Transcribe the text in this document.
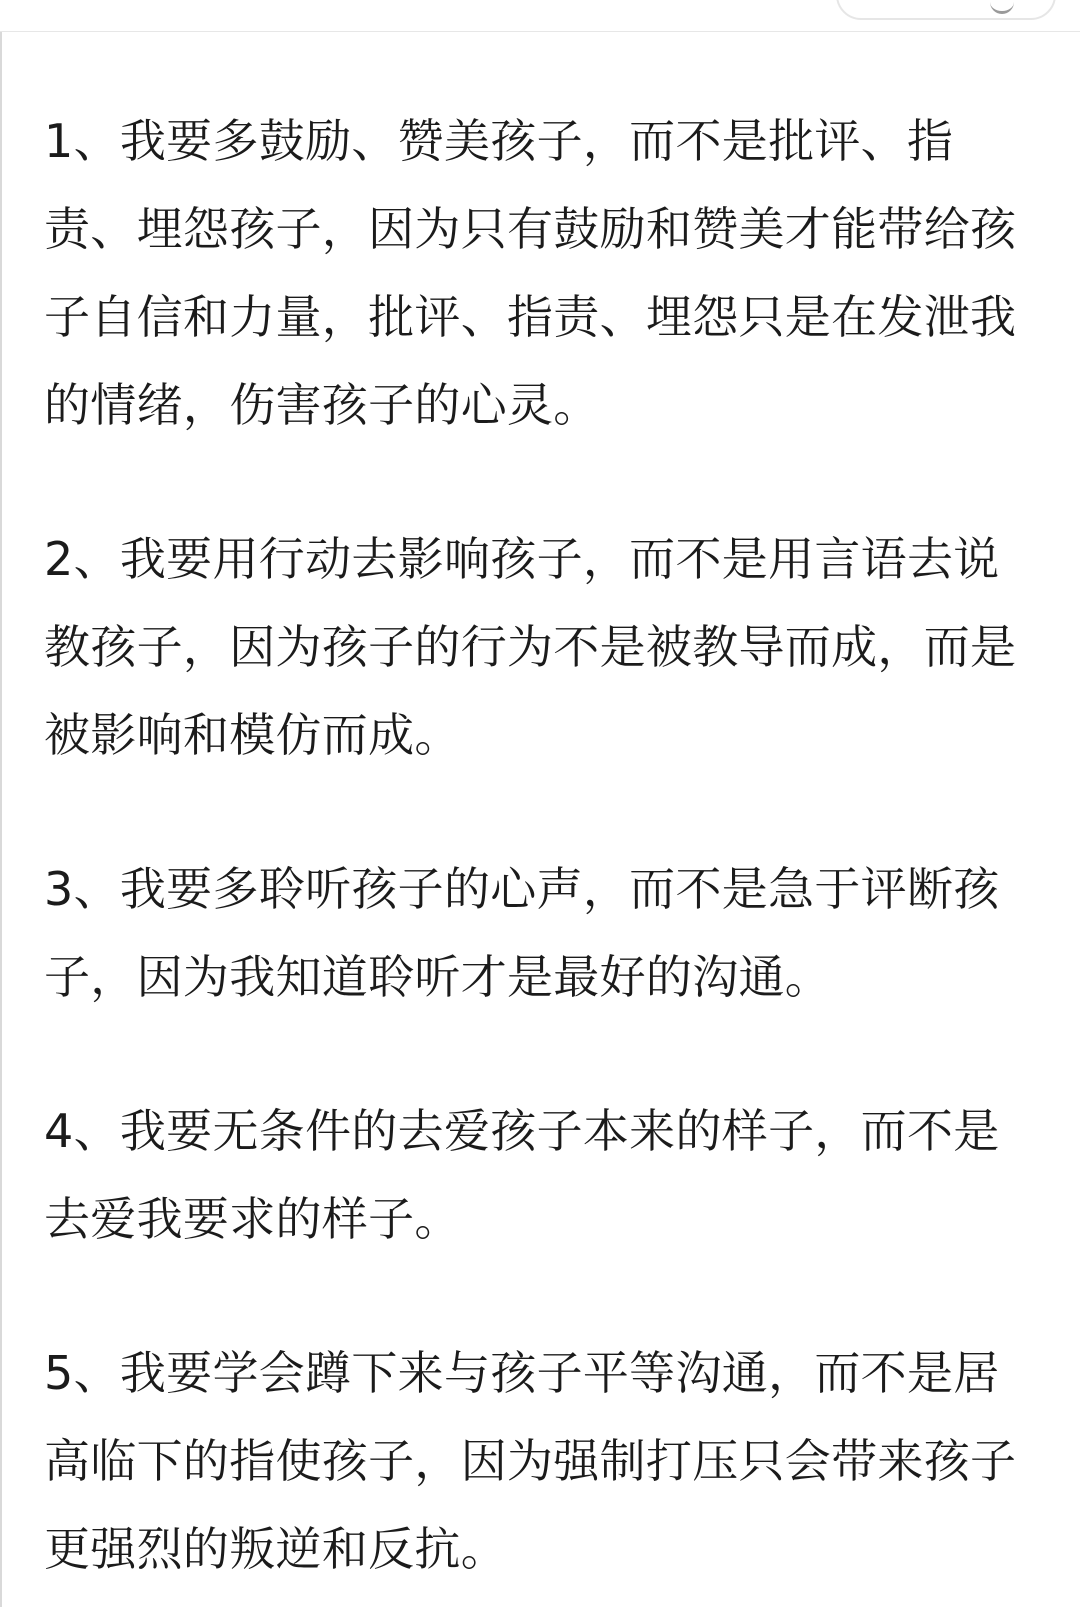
1、我要多鼓励、赞美孩子，而不是批评、指责、埋怨孩子，因为只有鼓励和赞美才能带给孩子自信和力量，批评、指责、埋怨只是在发泄我的情绪，伤害孩子的心灵。

2、我要用行动去影响孩子，而不是用言语去说教孩子，因为孩子的行为不是被教导而成，而是被影响和模仿而成。

3、我要多聆听孩子的心声，而不是急于评断孩子，因为我知道聆听才是最好的沟通。

4、我要无条件的去爱孩子本来的样子，而不是去爱我要求的样子。

5、我要学会蹲下来与孩子平等沟通，而不是居高临下的指使孩子，因为强制打压只会带来孩子更强烈的叛逆和反抗。
